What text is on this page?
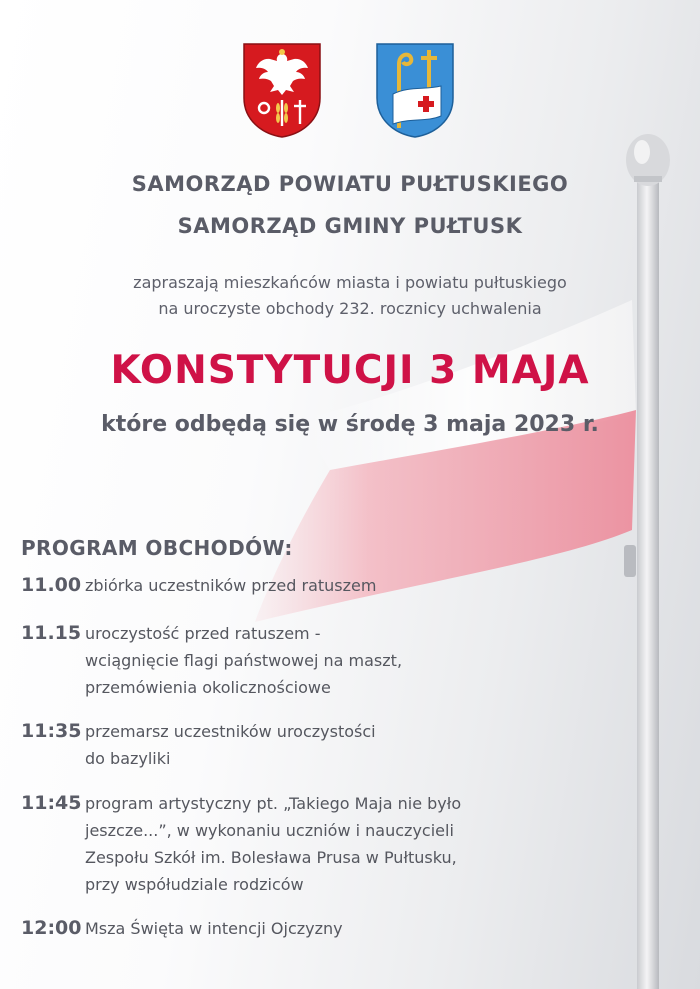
SAMORZĄD POWIATU PUŁTUSKIEGO
SAMORZĄD GMINY PUŁTUSK
zapraszają mieszkańców miasta i powiatu pułtuskiego
na uroczyste obchody 232. rocznicy uchwalenia
KONSTYTUCJI 3 MAJA
które odbędą się w środę 3 maja 2023 r.
PROGRAM OBCHODÓW:
11.00 zbiórka uczestników przed ratuszem
11.15 uroczystość przed ratuszem -
wciągnięcie flagi państwowej na maszt,
przemówienia okolicznościowe
11:35 przemarsz uczestników uroczystości
do bazyliki
11:45 program artystyczny pt. „Takiego Maja nie było
jeszcze...”, w wykonaniu uczniów i nauczycieli
Zespołu Szkół im. Bolesława Prusa w Pułtusku,
przy współudziale rodziców
12:00 Msza Święta w intencji Ojczyzny
